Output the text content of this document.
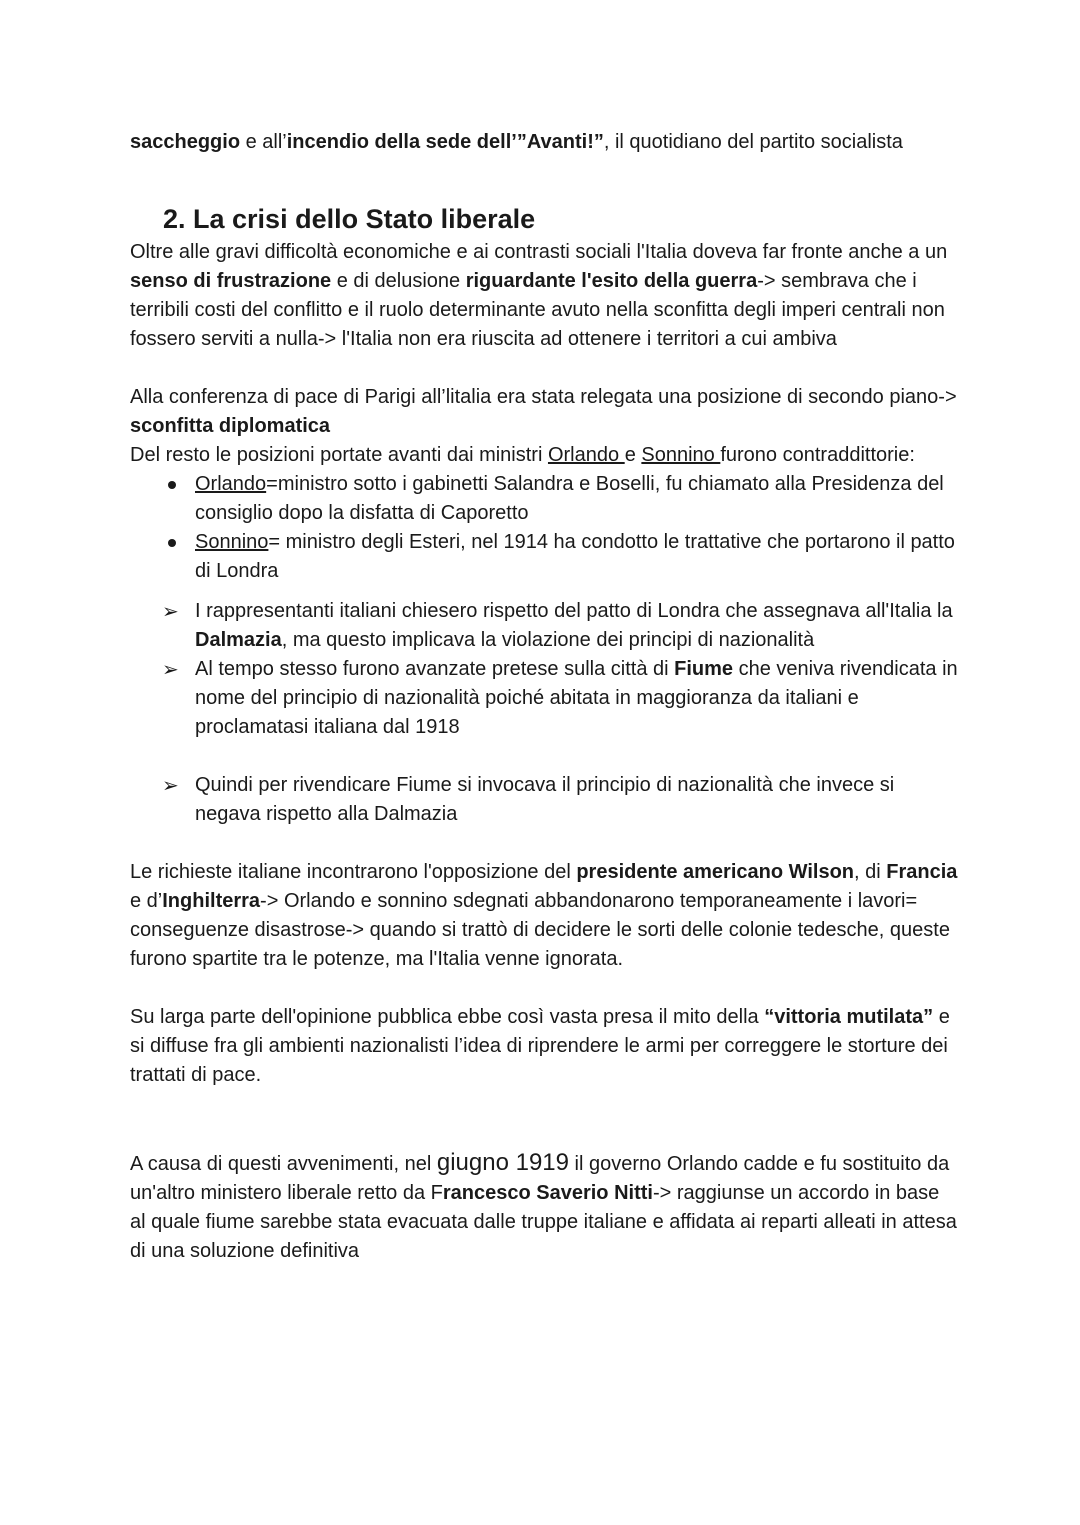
saccheggio e all’incendio della sede dell’”Avanti!”, il quotidiano del partito socialista

2. La crisi dello Stato liberale

Oltre alle gravi difficoltà economiche e ai contrasti sociali l'Italia doveva far fronte anche a un senso di frustrazione e di delusione riguardante l'esito della guerra-> sembrava che i terribili costi del conflitto e il ruolo determinante avuto nella sconfitta degli imperi centrali non fossero serviti a nulla-> l'Italia non era riuscita ad ottenere i territori a cui ambiva

Alla conferenza di pace di Parigi all’litalia era stata relegata una posizione di secondo piano-> sconfitta diplomatica

Del resto le posizioni portate avanti dai ministri Orlando e Sonnino furono contraddittorie:

Orlando=ministro sotto i gabinetti Salandra e Boselli, fu chiamato alla Presidenza del consiglio dopo la disfatta di Caporetto
Sonnino= ministro degli Esteri, nel 1914 ha condotto le trattative che portarono il patto di Londra
➢ I rappresentanti italiani chiesero rispetto del patto di Londra che assegnava all'Italia la Dalmazia, ma questo implicava la violazione dei principi di nazionalità
➢ Al tempo stesso furono avanzate pretese sulla città di Fiume che veniva rivendicata in nome del principio di nazionalità poiché abitata in maggioranza da italiani e proclamatasi italiana dal 1918
➢ Quindi per rivendicare Fiume si invocava il principio di nazionalità che invece si negava rispetto alla Dalmazia

Le richieste italiane incontrarono l'opposizione del presidente americano Wilson, di Francia e d’Inghilterra-> Orlando e sonnino sdegnati abbandonarono temporaneamente i lavori= conseguenze disastrose-> quando si trattò di decidere le sorti delle colonie tedesche, queste furono spartite tra le potenze, ma l'Italia venne ignorata.

Su larga parte dell'opinione pubblica ebbe così vasta presa il mito della “vittoria mutilata” e si diffuse fra gli ambienti nazionalisti l’idea di riprendere le armi per correggere le storture dei trattati di pace.

A causa di questi avvenimenti, nel giugno 1919 il governo Orlando cadde e fu sostituito da un'altro ministero liberale retto da Francesco Saverio Nitti-> raggiunse un accordo in base al quale fiume sarebbe stata evacuata dalle truppe italiane e affidata ai reparti alleati in attesa di una soluzione definitiva
